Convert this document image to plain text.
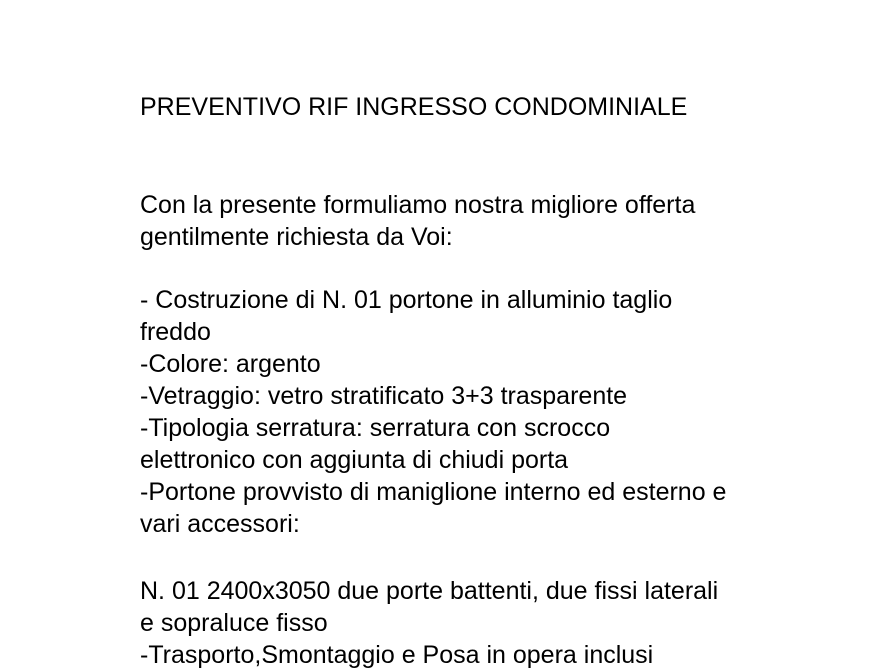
PREVENTIVO RIF INGRESSO CONDOMINIALE

Con la presente formuliamo nostra migliore offerta
gentilmente richiesta da Voi:

- Costruzione di N. 01 portone in alluminio taglio
freddo
-Colore: argento
-Vetraggio: vetro stratificato 3+3 trasparente
-Tipologia serratura: serratura con scrocco
elettronico con aggiunta di chiudi porta
-Portone provvisto di maniglione interno ed esterno e
vari accessori:

N. 01 2400x3050 due porte battenti, due fissi laterali
e sopraluce fisso
-Trasporto,Smontaggio e Posa in opera inclusi
